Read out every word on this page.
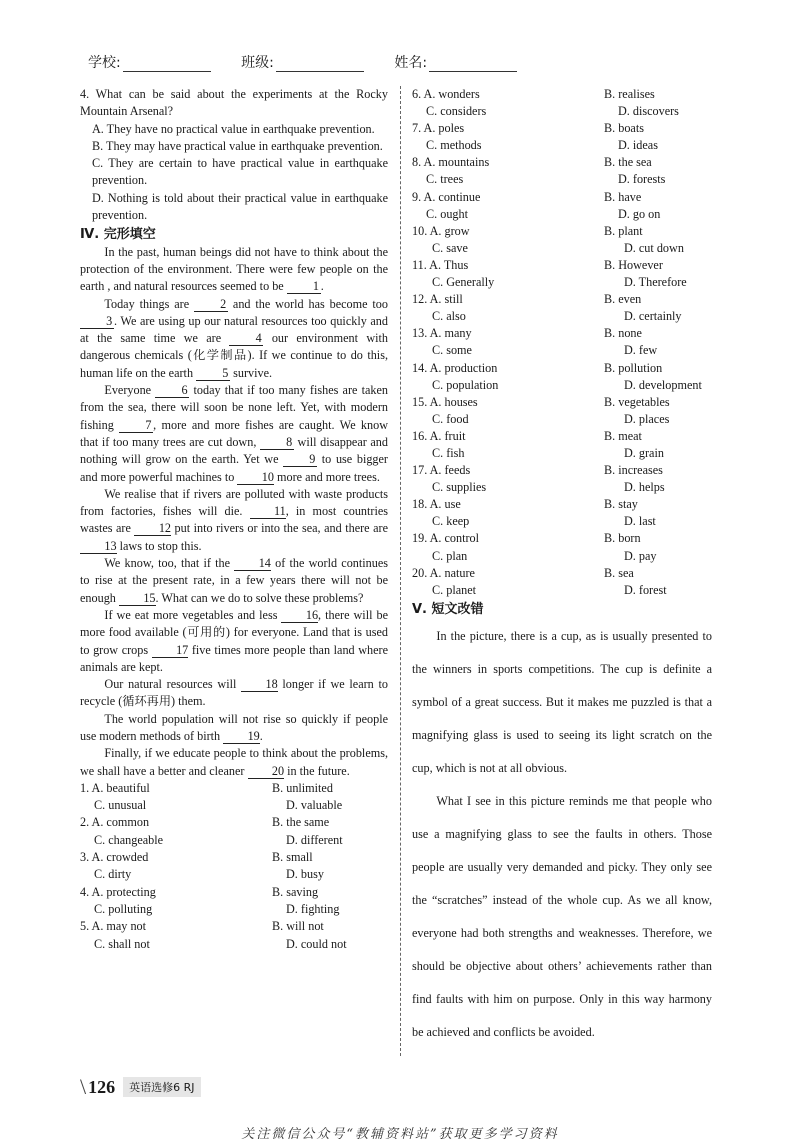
学校:	班级:	姓名:
4. What can be said about the experiments at the Rocky Mountain Arsenal?
A. They have no practical value in earthquake prevention.
B. They may have practical value in earthquake prevention.
C. They are certain to have practical value in earthquake prevention.
D. Nothing is told about their practical value in earthquake prevention.
Ⅳ. 完形填空
In the past, human beings did not have to think about the protection of the environment. There were few people on the earth , and natural resources seemed to be 1 .
Today things are 2 and the world has become too 3 . We are using up our natural resources too quickly and at the same time we are 4 our environment with dangerous chemicals (化学制品). If we continue to do this, human life on the earth 5 survive.
Everyone 6 today that if too many fishes are taken from the sea, there will soon be none left. Yet, with modern fishing 7 , more and more fishes are caught. We know that if too many trees are cut down, 8 will disappear and nothing will grow on the earth. Yet we 9 to use bigger and more powerful machines to 10 more and more trees.
We realise that if rivers are polluted with waste products from factories, fishes will die. 11, in most countries wastes are 12 put into rivers or into the sea, and there are 13 laws to stop this.
We know, too, that if the 14 of the world continues to rise at the present rate, in a few years there will not be enough 15. What can we do to solve these problems?
If we eat more vegetables and less 16, there will be more food available (可用的) for everyone. Land that is used to grow crops 17 five times more people than land where animals are kept.
Our natural resources will 18 longer if we learn to recycle (循环再用) them.
The world population will not rise so quickly if people use modern methods of birth 19.
Finally, if we educate people to think about the problems, we shall have a better and cleaner 20 in the future.
1. A. beautiful	B. unlimited
C. unusual	D. valuable
2. A. common	B. the same
C. changeable	D. different
3. A. crowded	B. small
C. dirty	D. busy
4. A. protecting	B. saving
C. polluting	D. fighting
5. A. may not	B. will not
C. shall not	D. could not
6. A. wonders	B. realises
C. considers	D. discovers
7. A. poles	B. boats
C. methods	D. ideas
8. A. mountains	B. the sea
C. trees	D. forests
9. A. continue	B. have
C. ought	D. go on
10. A. grow	B. plant
C. save	D. cut down
11. A. Thus	B. However
C. Generally	D. Therefore
12. A. still	B. even
C. also	D. certainly
13. A. many	B. none
C. some	D. few
14. A. production	B. pollution
C. population	D. development
15. A. houses	B. vegetables
C. food	D. places
16. A. fruit	B. meat
C. fish	D. grain
17. A. feeds	B. increases
C. supplies	D. helps
18. A. use	B. stay
C. keep	D. last
19. A. control	B. born
C. plan	D. pay
20. A. nature	B. sea
C. planet	D. forest
Ⅴ. 短文改错

In the picture, there is a cup, as is usually presented to the winners in sports competitions. The cup is definite a symbol of a great success. But it makes me puzzled is that a magnifying glass is used to seeing its light scratch on the cup, which is not at all obvious.

What I see in this picture reminds me that people who use a magnifying glass to see the faults in others. Those people are usually very demanded and picky. They only see the “scratches” instead of the whole cup. As we all know, everyone had both strengths and weaknesses. Therefore, we should be objective about others’ achievements rather than find faults with him on purpose. Only in this way harmony be achieved and conflicts be avoided.

\ 126	英语选修6 RJ
关注微信公众号“教辅资料站”获取更多学习资料
